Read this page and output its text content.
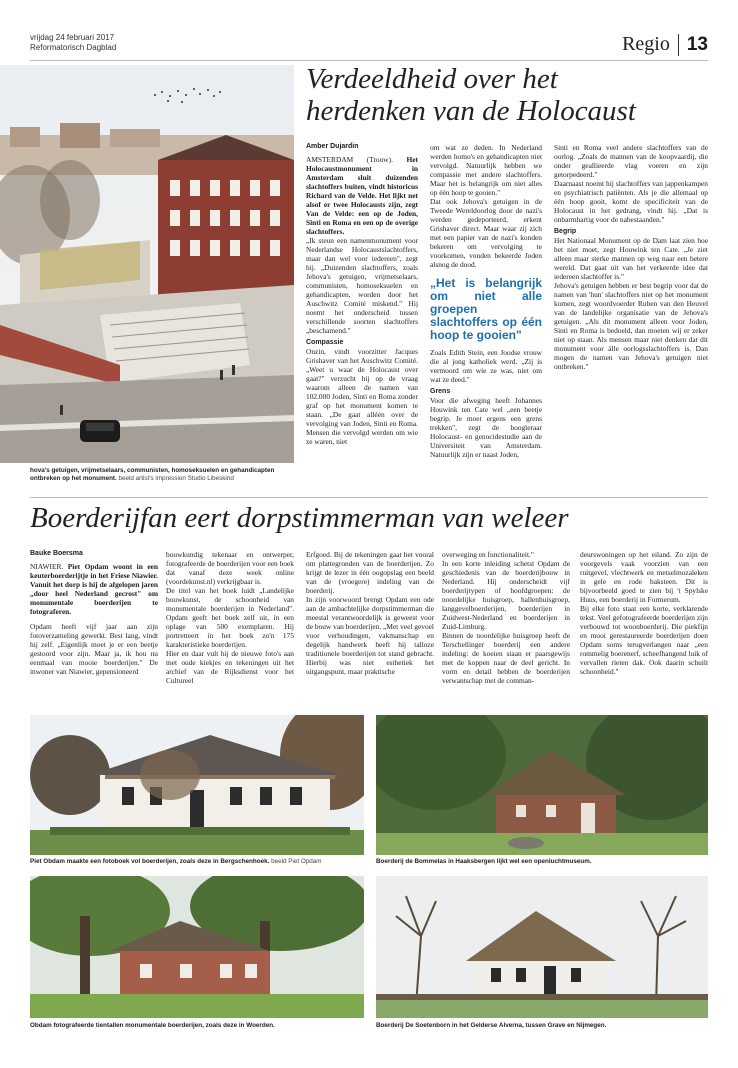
vrijdag 24 februari 2017
Reformatorisch Dagblad	Regio 13
Verdeeldheid over het
herdenken van de Holocaust
Amber Dujardin

AMSTERDAM (Trouw). Het Holocaustmonument in Amsterdam sluit duizenden slachtoffers buiten, vindt historicus Richard van de Velde. Het lijkt net alsof er twee Holocausts zijn, zegt Van de Velde: een op de Joden, Sinti en Roma en een op de overige slachtoffers.

„Ik steun een namenmonument voor Nederlandse Holocaustslachtoffers, maar dan wel voor iedereen", zegt hij. „Duizenden slachtoffers, zoals Jehova's getuigen, vrijmetselaars, communisten, homoseksuelen en gehandicapten, worden door het Auschwitz Comité miskend." Hij noemt het onderscheid tussen verschillende soorten slachtoffers „beschamend."

Compassie

Onzin, vindt voorzitter Jacques Grishaver van het Auschwitz Comité. „Weet u waar de Holocaust over gaat?" verzucht hij op de vraag waarom alleen de namen van 102.000 Joden, Sinti en Roma zonder graf op het monument komen te staan. „De gaat alléén over de vervolging van Joden, Sinti en Roma. Mensen die vervolgd werden om wie ze waren, niet

om wat ze deden. In Nederland werden homo's en gehandicapten niet vervolgd. Natuurlijk hebben we compassie met andere slachtoffers. Maar het is belangrijk om niet alles op één hoop te gooien."

Dat ook Jehova's getuigen in de Tweede Wereldoorlog door de nazi's werden gedeporteerd, erkent Grishaver direct. Maar waar zij zich met een papier van de nazi's konden bekeren om vervolging te voorkomen, vonden bekeerde Joden alsnog de dood.

„Het is belangrijk om niet alle groepen slachtoffers op één hoop te gooien"

Zoals Edith Stein, een Joodse vrouw die al jong katholiek werd. „Zij is vermoord om wie ze was, niet om wat ze deed."

Grens

Voor die afweging heeft Johannes Houwink ten Cate wel „een beetje begrip. Je moet ergens een grens trekken", zegt de hoogleraar Holocaust- en genocidestudie aan de Universiteit van Amsterdam. Natuurlijk zijn er naast Joden,

Sinti en Roma veel andere slachtoffers van de oorlog. „Zoals de mannen van de koopvaardij, die onder geallieerde vlag voeren en zijn getorpedeerd."

Daarnaast noemt hij slachtoffers van jappenkampen en psychiatrisch patiënten. Als je die allemaal op één hoop gooit, komt de specificiteit van de Holocaust in het gedrang, vindt hij. „Dat is onbarmhartig voor de nabestaanden."

Begrip

Het Nationaal Monument op de Dam laat zien hoe het niet moet, zegt Houwink ten Cate. „Je ziet alleen maar sterke mannen op weg naar een betere wereld. Dat gaat uit van het verkeerde idee dat iedereen slachtoffer is."

Jehova's getuigen hebben er best begrip voor dat de namen van 'hun' slachtoffers niet op het monument komen, zegt woordvoerder Ruben van den Heuvel van de landelijke organisatie van de Jehova's getuigen. „Als dit monument alleen voor Joden, Sinti en Roma is bedoeld, dan moeten wij er zeker niet op staan. Als mensen maar niet denken dat dit monument voor álle oorlogsslachtoffers is. Dan mogen de namen van Jehova's getuigen niet ontbreken."

hova's getuigen, vrijmetselaars, communisten, homoseksuelen en gehandicapten ontbreken op het monument. beeld artist's impression Studio Libeskind
Boerderijfan eert dorpstimmerman van weleer
Bauke Boersma

NIAWIER. Piet Opdam woont in een keuterboerderijtje in het Friese Niawier. Vanuit het dorp is hij de afgelopen jaren „door heel Nederland gecrost" om monumentale boerderijen te fotograferen.

Opdam heeft vijf jaar aan zijn fotoverzameling gewerkt. Best lang, vindt hij zelf. „Eigenlijk moet je er een beetje gestoord voor zijn. Maar ja, ik hou nu eenmaal van mooie boerderijen." De inwoner van Niawier, gepensioneerd

bouwkundig tekenaar en ontwerper, fotografeerde de boerderijen voor een boek dat vanaf deze week online (voordekunst.nl) verkrijgbaar is.

De titel van het boek luidt „Landelijke bouwkunst, de schoonheid van monumentale boerderijen in Nederland". Opdam geeft het boek zelf uit, in een oplage van 500 exemplaren. Hij portretteert in het boek zo'n 175 karakteristieke boerderijen.

Hier en daar vult hij de nieuwe foto's aan met oude kiekjes en tekeningen uit het archief van de Rijksdienst voor het Cultureel

Erfgoed. Bij de tekeningen gaat het vooral om plattegronden van de boerderijen. Zo krijgt de lezer in één oogopslag een beeld van de (vroegere) indeling van de boerderij.

In zijn voorwoord brengt Opdam een ode aan de ambachtelijke dorpstimmerman die meestal verantwoordelijk is geweest voor de bouw van boerderijen. „Met veel gevoel voor verhoudingen, vakmanschap en degelijk handwerk heeft hij talloze traditionele boerderijen tot stand gebracht. Hierbij was niet esthetiek het uitgangspunt, maar praktische

overweging en functionaliteit."

In een korte inleiding schetst Opdam de geschiedenis van de boerderijbouw in Nederland. Hij onderscheidt vijf boerderijtypen of hoofdgroepen: de noordelijke huisgroep, hallenhuisgroep, langgevelboerderijen, boerderijen in Zuidwest-Nederland en boerderijen in Zuid-Limburg.

Binnen de noordelijke huisgroep heeft de Terschellinger boerderij een andere indeling: de koeien staan er paarsgewijs met de koppen naar de deel gericht. In vorm en detail hebben de boerderijen verwantschap met de comman-

deurswoningen op het eiland. Zo zijn de voorgevels vaak voorzien van een ruitgevel, vlechtwerk en metselmozaïeken in gele en rode baksteen. Dit is bijvoorbeeld goed te zien bij 't Spylske Huus, een boerderij in Formerum.

Bij elke foto staat een korte, verklarende tekst. Veel gefotografeerde boerderijen zijn verbouwd tot woonboerderij. Die piekfijn en mooi gerestaureerde boerderijen doen Opdam soms terugverlangen naar „een rommelig boerenerf, scheefhangend luik of vervallen rieten dak. Ook daarin schuilt schoonheid."

Piet Obdam maakte een fotoboek vol boerderijen, zoals deze in Bergschenhoek. beeld Piet Opdam	Boerderij de Bommelas in Haaksbergen lijkt wel een openluchtmuseum.
Obdam fotografeerde tientallen monumentale boerderijen, zoals deze in Woerden.	Boerderij De Soetenborn in het Gelderse Alverna, tussen Grave en Nijmegen.
